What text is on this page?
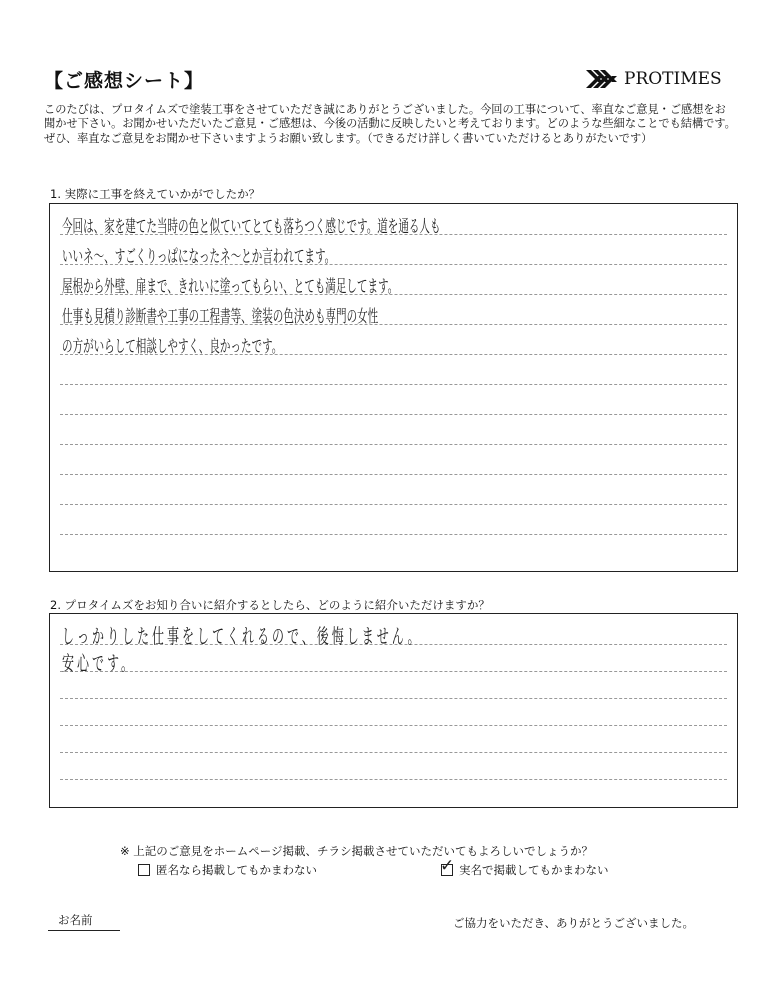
【ご感想シート】	PROTIMES
このたびは、プロタイムズで塗装工事をさせていただき誠にありがとうございました。今回の工事について、率直なご意見・ご感想をお聞かせ下さい。お聞かせいただいたご意見・ご感想は、今後の活動に反映したいと考えております。どのような些細なことでも結構です。ぜひ、率直なご意見をお聞かせ下さいますようお願い致します。（できるだけ詳しく書いていただけるとありがたいです）
1. 実際に工事を終えていかがでしたか？
今回は、家を建てた当時の色と似ていてとても落ちつく感じです。道を通る人も
いいネ〜、すごくりっぱになったネ〜とか言われてます。
屋根から外壁、扉まで、きれいに塗ってもらい、とても満足してます。
仕事も見積り診断書や工事の工程書等、塗装の色決めも専門の女性
の方がいらして相談しやすく、良かったです。
2. プロタイムズをお知り合いに紹介するとしたら、どのように紹介いただけますか？
しっかりした仕事をしてくれるので、後悔しません。
安心です。
※ 上記のご意見をホームページ掲載、チラシ掲載させていただいてもよろしいでしょうか？
匿名なら掲載してもかまわない	✓ 実名で掲載してもかまわない
お名前	ご協力をいただき、ありがとうございました。
